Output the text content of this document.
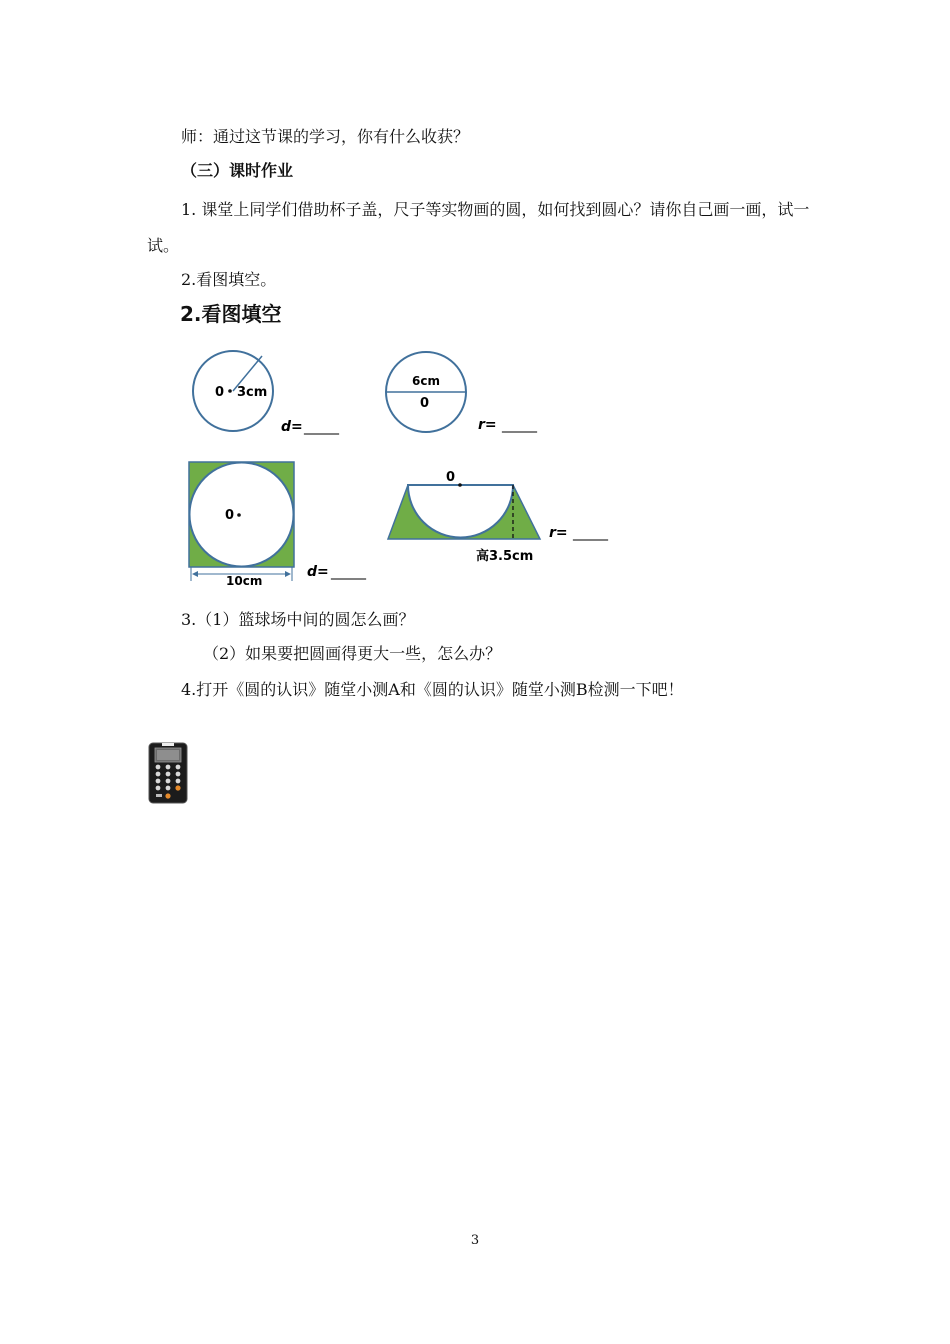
师：通过这节课的学习，你有什么收获？

（三）课时作业

1. 课堂上同学们借助杯子盖，尺子等实物画的圆，如何找到圆心？请你自己画一画，试一试。

2.看图填空。

2.看图填空

0 3cm
d= _____
6cm
0
r= _____
0
10cm
d= _____
0
高3.5cm
r= _____

3.（1）篮球场中间的圆怎么画？

（2）如果要把圆画得更大一些，怎么办？

4.打开《圆的认识》随堂小测A和《圆的认识》随堂小测B检测一下吧！

3
